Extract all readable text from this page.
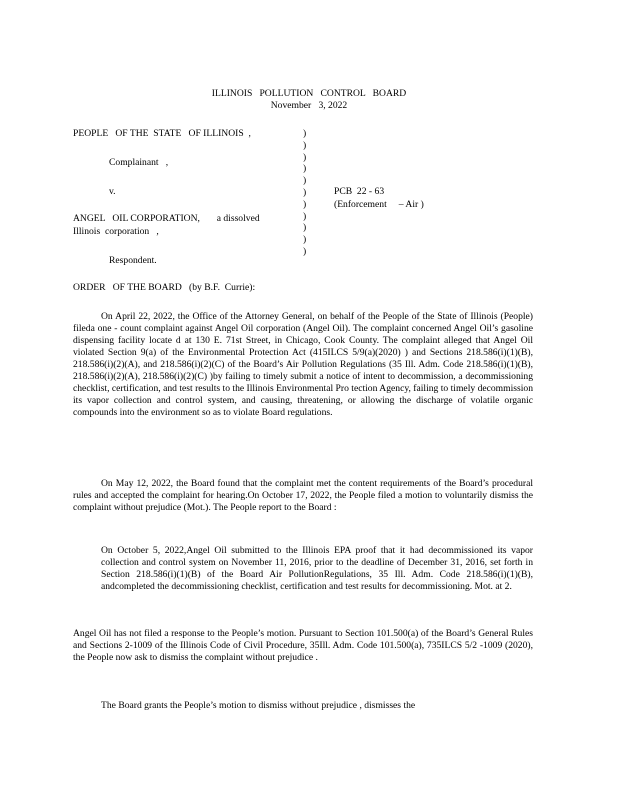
ILLINOIS   POLLUTION   CONTROL   BOARD
November   3, 2022
PEOPLE   OF THE  STATE   OF ILLINOIS  ,
Complainant   ,
v.
ANGEL   OIL CORPORATION,       a dissolved
Illinois  corporation   ,
Respondent.
)
)
)
)
)
)
)
)
)
)
)
PCB  22 - 63
(Enforcement     – Air )
ORDER   OF THE BOARD   (by B.F.  Currie):
On April 22, 2022, the Office of the Attorney General, on behalf of the People of the State of Illinois (People) fileda one - count complaint against Angel Oil corporation (Angel Oil). The complaint concerned Angel Oil’s gasoline dispensing facility locate d at 130 E. 71st Street, in Chicago, Cook County. The complaint alleged that Angel Oil violated Section 9(a) of the Environmental Protection Act (415ILCS 5/9(a)(2020) ) and Sections 218.586(i)(1)(B), 218.586(i)(2)(A), and 218.586(i)(2)(C) of the Board’s Air Pollution Regulations (35 Ill. Adm. Code 218.586(i)(1)(B), 218.586(i)(2)(A), 218.586(i)(2)(C) )by failing to timely submit a notice of intent to decommission, a decommissioning checklist, certification, and test results to the Illinois Environmental Pro tection Agency, failing to timely decommission its vapor collection and control system, and causing, threatening, or allowing the discharge of volatile organic compounds into the environment so as to violate Board regulations.
On May 12, 2022, the Board found that the complaint met the content requirements of the Board’s procedural rules and accepted the complaint for hearing.On October 17, 2022, the People filed a motion to voluntarily dismiss the complaint without prejudice (Mot.). The People report to the Board :
On October 5, 2022,Angel Oil submitted to the Illinois EPA proof that it had decommissioned its vapor collection and control system on November 11, 2016, prior to the deadline of December 31, 2016, set forth in Section 218.586(i)(1)(B) of the Board Air PollutionRegulations, 35 Ill. Adm. Code 218.586(i)(1)(B), andcompleted the decommissioning checklist, certification and test results for decommissioning. Mot. at 2.
Angel Oil has not filed a response to the People’s motion. Pursuant to Section 101.500(a) of the Board’s General Rules and Sections 2-1009 of the Illinois Code of Civil Procedure, 35Ill. Adm. Code 101.500(a), 735ILCS 5/2 -1009 (2020), the People now ask to dismiss the complaint without prejudice .
The Board grants the People’s motion to dismiss without prejudice , dismisses the
